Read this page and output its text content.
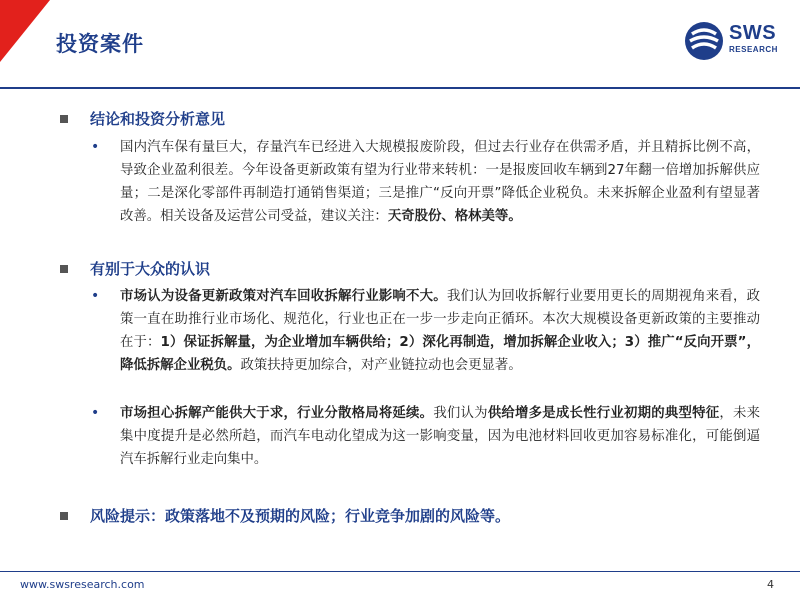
投资案件	SWS
RESEARCH
结论和投资分析意见
•	国内汽车保有量巨大，存量汽车已经进入大规模报废阶段，但过去行业存在供需矛盾，并且精拆比例不高，导致企业盈利很差。今年设备更新政策有望为行业带来转机：一是报废回收车辆到27年翻一倍增加拆解供应量；二是深化零部件再制造打通销售渠道；三是推广“反向开票”降低企业税负。未来拆解企业盈利有望显著改善。相关设备及运营公司受益，建议关注：天奇股份、格林美等。
有别于大众的认识
•	市场认为设备更新政策对汽车回收拆解行业影响不大。我们认为回收拆解行业要用更长的周期视角来看，政策一直在助推行业市场化、规范化，行业也正在一步一步走向正循环。本次大规模设备更新政策的主要推动在于：1）保证拆解量，为企业增加车辆供给；2）深化再制造，增加拆解企业收入；3）推广“反向开票”，降低拆解企业税负。政策扶持更加综合，对产业链拉动也会更显著。
•	市场担心拆解产能供大于求，行业分散格局将延续。我们认为供给增多是成长性行业初期的典型特征，未来集中度提升是必然所趋，而汽车电动化望成为这一影响变量，因为电池材料回收更加容易标准化，可能倒逼汽车拆解行业走向集中。
风险提示：政策落地不及预期的风险；行业竞争加剧的风险等。
www.swsresearch.com	4
